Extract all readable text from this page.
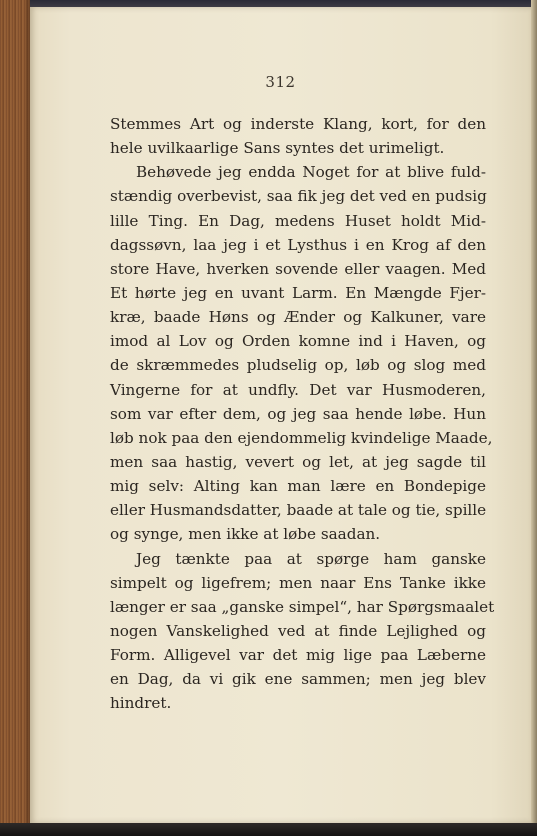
312

Stemmes Art og inderste Klang, kort, for den
hele uvilkaarlige Sans syntes det urimeligt.

Behøvede jeg endda Noget for at blive fuld-
stændig overbevist, saa fik jeg det ved en pudsig
lille Ting. En Dag, medens Huset holdt Mid-
dagssøvn, laa jeg i et Lysthus i en Krog af den
store Have, hverken sovende eller vaagen. Med
Et hørte jeg en uvant Larm. En Mængde Fjer-
kræ, baade Høns og Ænder og Kalkuner, vare
imod al Lov og Orden komne ind i Haven, og
de skræmmedes pludselig op, løb og slog med
Vingerne for at undfly. Det var Husmoderen,
som var efter dem, og jeg saa hende løbe. Hun
løb nok paa den ejendommelig kvindelige Maade,
men saa hastig, vevert og let, at jeg sagde til
mig selv: Alting kan man lære en Bondepige
eller Husmandsdatter, baade at tale og tie, spille
og synge, men ikke at løbe saadan.

Jeg tænkte paa at spørge ham ganske
simpelt og ligefrem; men naar Ens Tanke ikke
længer er saa „ganske simpel“, har Spørgsmaalet
nogen Vanskelighed ved at finde Lejlighed og
Form. Alligevel var det mig lige paa Læberne
en Dag, da vi gik ene sammen; men jeg blev
hindret.
